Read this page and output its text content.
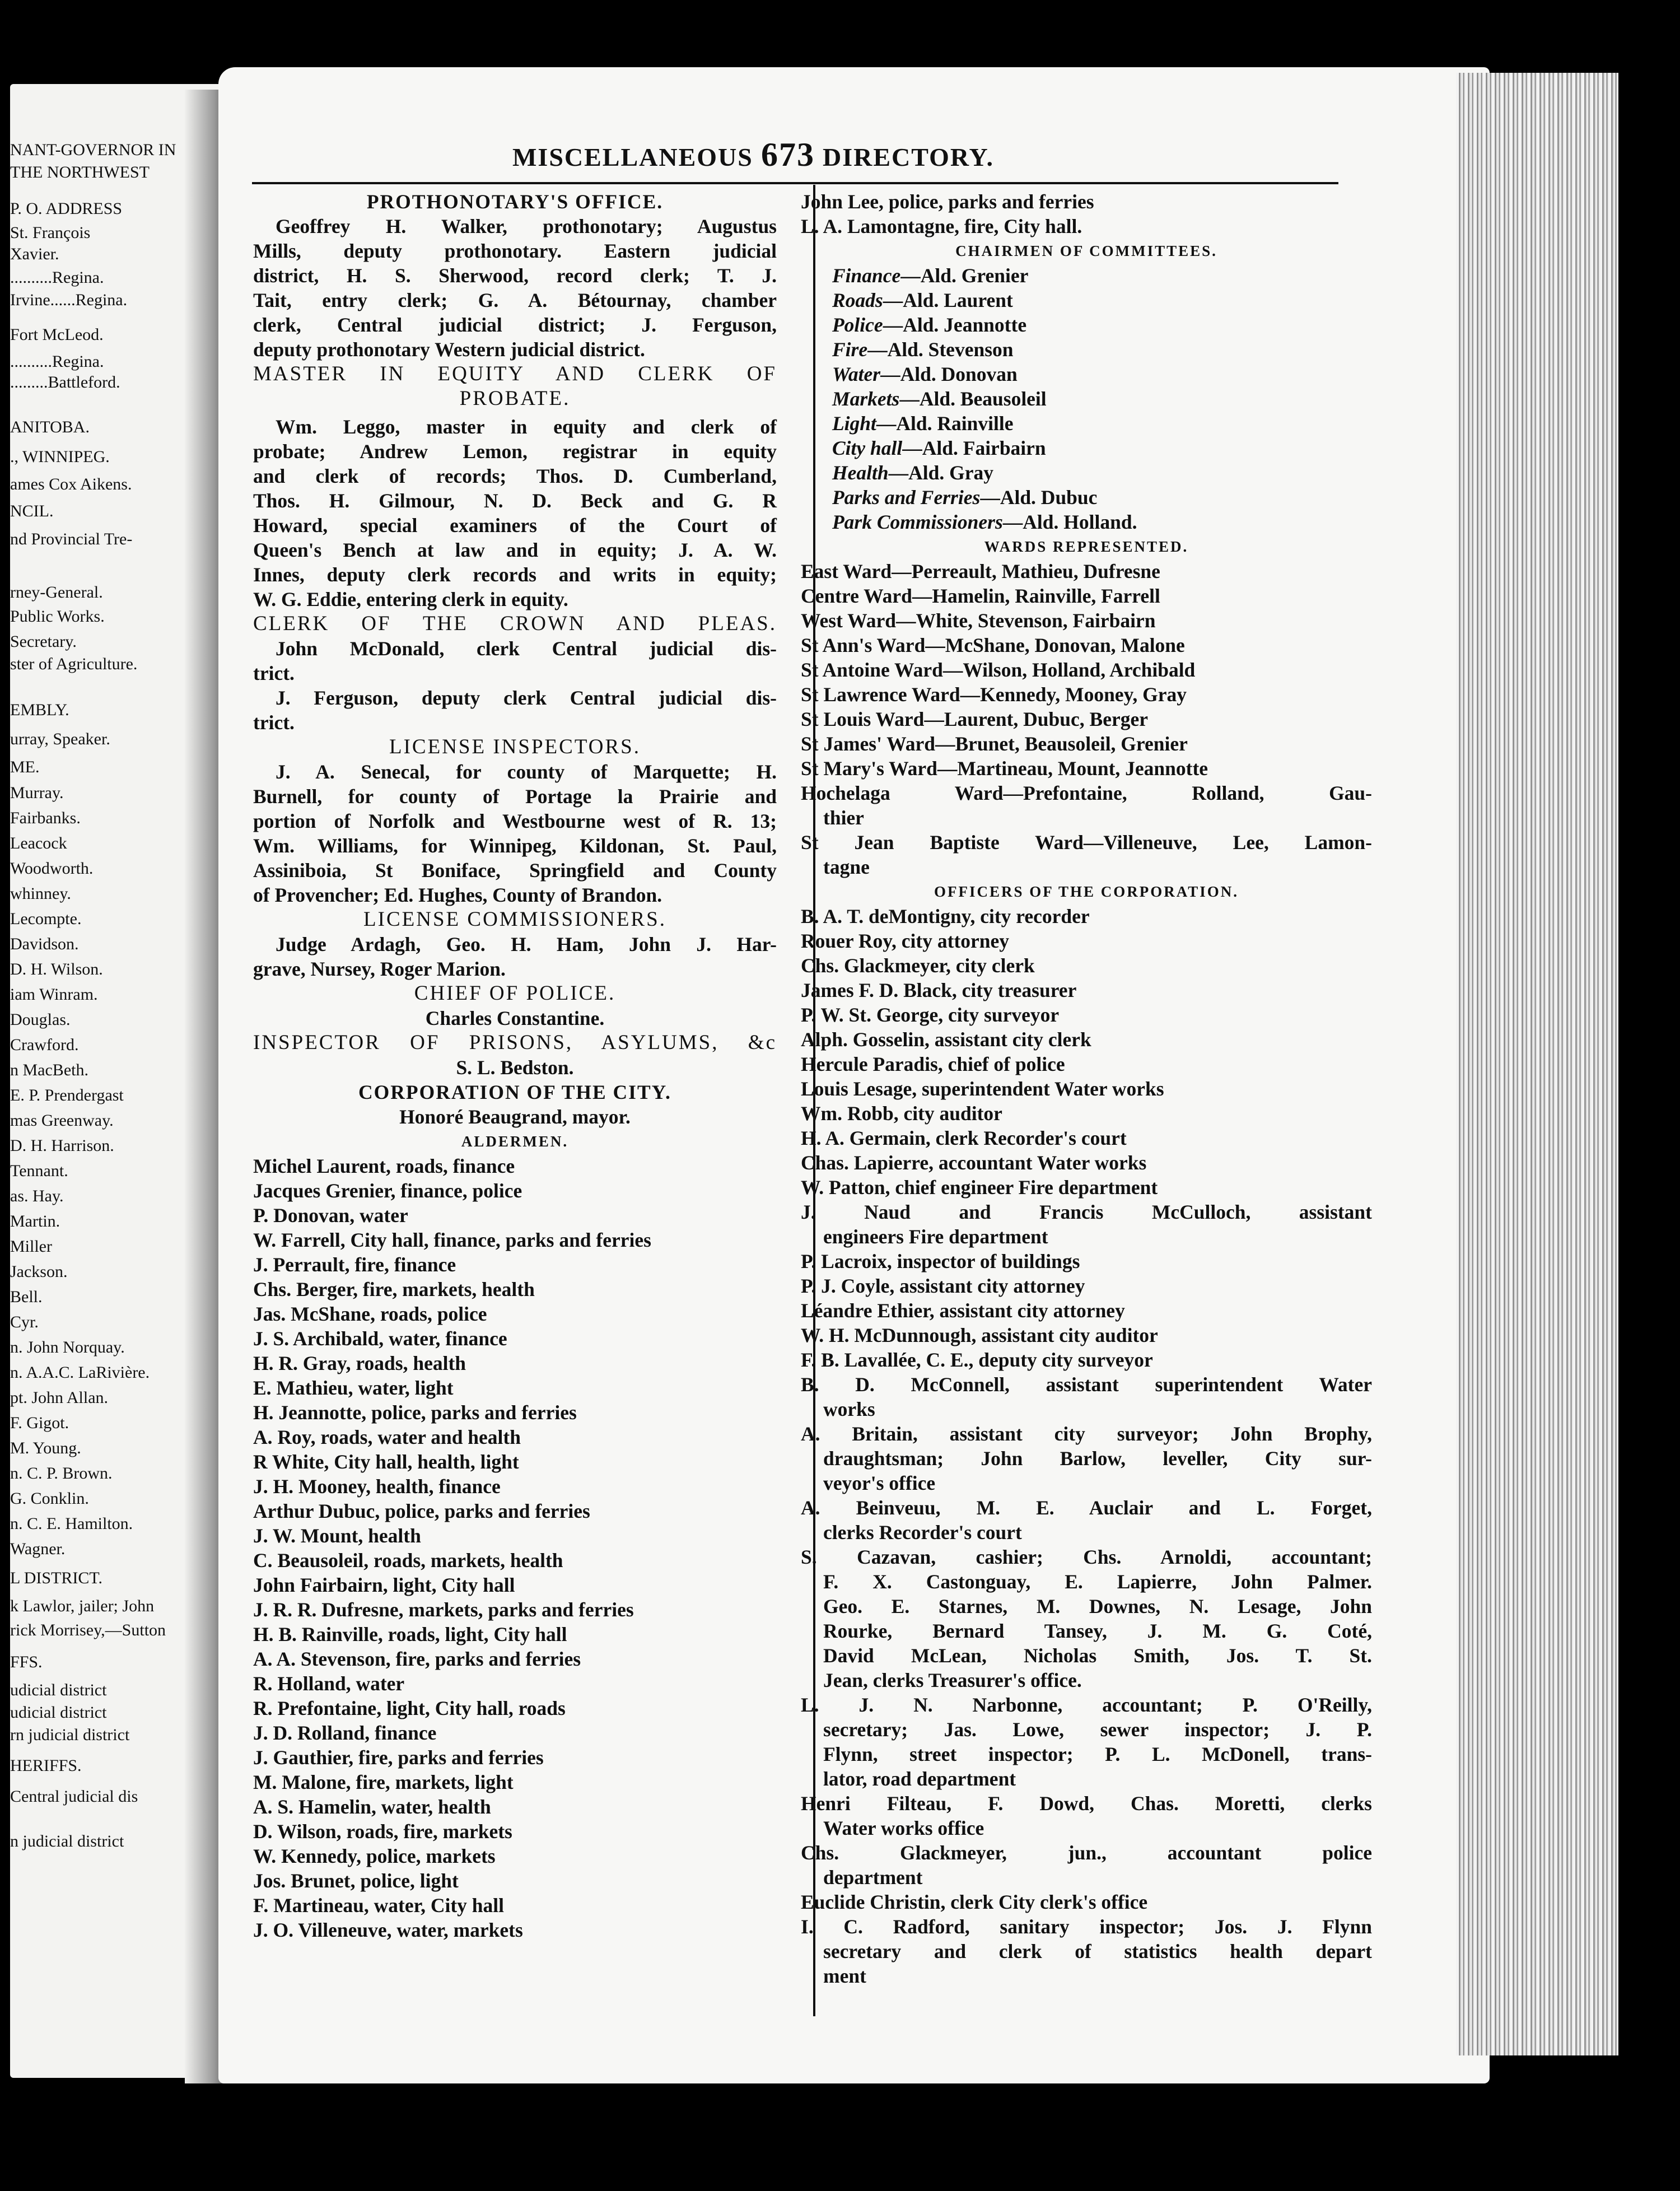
NANT-GOVERNOR IN
THE NORTHWEST
P. O. ADDRESS
St. François
Xavier.
..........Regina.
Irvine......Regina.
Fort McLeod.
..........Regina.
.........Battleford.
ANITOBA.
., WINNIPEG.
ames Cox Aikens.
NCIL.
nd Provincial Tre-
rney-General.
Public Works.
Secretary.
ster of Agriculture.
EMBLY.
urray, Speaker.
ME.
Murray.
Fairbanks.
Leacock
Woodworth.
whinney.
Lecompte.
Davidson.
D. H. Wilson.
iam Winram.
Douglas.
Crawford.
n MacBeth.
E. P. Prendergast
mas Greenway.
D. H. Harrison.
Tennant.
as. Hay.
Martin.
Miller
Jackson.
Bell.
Cyr.
n. John Norquay.
n. A.A.C. LaRivière.
pt. John Allan.
F. Gigot.
M. Young.
n. C. P. Brown.
G. Conklin.
n. C. E. Hamilton.
Wagner.
L DISTRICT.
k Lawlor, jailer; John
rick Morrisey,—Sutton
FFS.
udicial district
udicial district
rn judicial district
HERIFFS.
Central judicial dis
n judicial district
MISCELLANEOUS 673 DIRECTORY.
PROTHONOTARY'S OFFICE.
Geoffrey H. Walker, prothonotary; Augustus
Mills, deputy prothonotary. Eastern judicial
district, H. S. Sherwood, record clerk; T. J.
Tait, entry clerk; G. A. Bétournay, chamber
clerk, Central judicial district; J. Ferguson,
deputy prothonotary Western judicial district.
MASTER IN EQUITY AND CLERK OF
PROBATE.
Wm. Leggo, master in equity and clerk of
probate; Andrew Lemon, registrar in equity
and clerk of records; Thos. D. Cumberland,
Thos. H. Gilmour, N. D. Beck and G. R
Howard, special examiners of the Court of
Queen's Bench at law and in equity; J. A. W.
Innes, deputy clerk records and writs in equity;
W. G. Eddie, entering clerk in equity.
CLERK OF THE CROWN AND PLEAS.
John McDonald, clerk Central judicial dis-
trict.
J. Ferguson, deputy clerk Central judicial dis-
trict.
LICENSE INSPECTORS.
J. A. Senecal, for county of Marquette; H.
Burnell, for county of Portage la Prairie and
portion of Norfolk and Westbourne west of R. 13;
Wm. Williams, for Winnipeg, Kildonan, St. Paul,
Assiniboia, St Boniface, Springfield and County
of Provencher; Ed. Hughes, County of Brandon.
LICENSE COMMISSIONERS.
Judge Ardagh, Geo. H. Ham, John J. Har-
grave, Nursey, Roger Marion.
CHIEF OF POLICE.
Charles Constantine.
INSPECTOR OF PRISONS, ASYLUMS, &c
S. L. Bedston.
CORPORATION OF THE CITY.
Honoré Beaugrand, mayor.
ALDERMEN.
Michel Laurent, roads, finance
Jacques Grenier, finance, police
P. Donovan, water
W. Farrell, City hall, finance, parks and ferries
J. Perrault, fire, finance
Chs. Berger, fire, markets, health
Jas. McShane, roads, police
J. S. Archibald, water, finance
H. R. Gray, roads, health
E. Mathieu, water, light
H. Jeannotte, police, parks and ferries
A. Roy, roads, water and health
R White, City hall, health, light
J. H. Mooney, health, finance
Arthur Dubuc, police, parks and ferries
J. W. Mount, health
C. Beausoleil, roads, markets, health
John Fairbairn, light, City hall
J. R. R. Dufresne, markets, parks and ferries
H. B. Rainville, roads, light, City hall
A. A. Stevenson, fire, parks and ferries
R. Holland, water
R. Prefontaine, light, City hall, roads
J. D. Rolland, finance
J. Gauthier, fire, parks and ferries
M. Malone, fire, markets, light
A. S. Hamelin, water, health
D. Wilson, roads, fire, markets
W. Kennedy, police, markets
Jos. Brunet, police, light
F. Martineau, water, City hall
J. O. Villeneuve, water, markets
John Lee, police, parks and ferries
L. A. Lamontagne, fire, City hall.
CHAIRMEN OF COMMITTEES.
Finance—Ald. Grenier
Roads—Ald. Laurent
Police—Ald. Jeannotte
Fire—Ald. Stevenson
Water—Ald. Donovan
Markets—Ald. Beausoleil
Light—Ald. Rainville
City hall—Ald. Fairbairn
Health—Ald. Gray
Parks and Ferries—Ald. Dubuc
Park Commissioners—Ald. Holland.
WARDS REPRESENTED.
East Ward—Perreault, Mathieu, Dufresne
Centre Ward—Hamelin, Rainville, Farrell
West Ward—White, Stevenson, Fairbairn
St Ann's Ward—McShane, Donovan, Malone
St Antoine Ward—Wilson, Holland, Archibald
St Lawrence Ward—Kennedy, Mooney, Gray
St Louis Ward—Laurent, Dubuc, Berger
St James' Ward—Brunet, Beausoleil, Grenier
St Mary's Ward—Martineau, Mount, Jeannotte
Hochelaga Ward—Prefontaine, Rolland, Gau-
thier
St Jean Baptiste Ward—Villeneuve, Lee, Lamon-
tagne
OFFICERS OF THE CORPORATION.
B. A. T. deMontigny, city recorder
Rouer Roy, city attorney
Chs. Glackmeyer, city clerk
James F. D. Black, city treasurer
P. W. St. George, city surveyor
Alph. Gosselin, assistant city clerk
Hercule Paradis, chief of police
Louis Lesage, superintendent Water works
Wm. Robb, city auditor
H. A. Germain, clerk Recorder's court
Chas. Lapierre, accountant Water works
W. Patton, chief engineer Fire department
J. Naud and Francis McCulloch, assistant
engineers Fire department
P. Lacroix, inspector of buildings
P. J. Coyle, assistant city attorney
Léandre Ethier, assistant city attorney
W. H. McDunnough, assistant city auditor
F. B. Lavallée, C. E., deputy city surveyor
B. D. McConnell, assistant superintendent Water
works
A. Britain, assistant city surveyor; John Brophy,
draughtsman; John Barlow, leveller, City sur-
veyor's office
A. Beinveuu, M. E. Auclair and L. Forget,
clerks Recorder's court
S. Cazavan, cashier; Chs. Arnoldi, accountant;
F. X. Castonguay, E. Lapierre, John Palmer.
Geo. E. Starnes, M. Downes, N. Lesage, John
Rourke, Bernard Tansey, J. M. G. Coté,
David McLean, Nicholas Smith, Jos. T. St.
Jean, clerks Treasurer's office.
L. J. N. Narbonne, accountant; P. O'Reilly,
secretary; Jas. Lowe, sewer inspector; J. P.
Flynn, street inspector; P. L. McDonell, trans-
lator, road department
Henri Filteau, F. Dowd, Chas. Moretti, clerks
Water works office
Chs. Glackmeyer, jun., accountant police
department
Euclide Christin, clerk City clerk's office
I. C. Radford, sanitary inspector; Jos. J. Flynn
secretary and clerk of statistics health depart
ment
